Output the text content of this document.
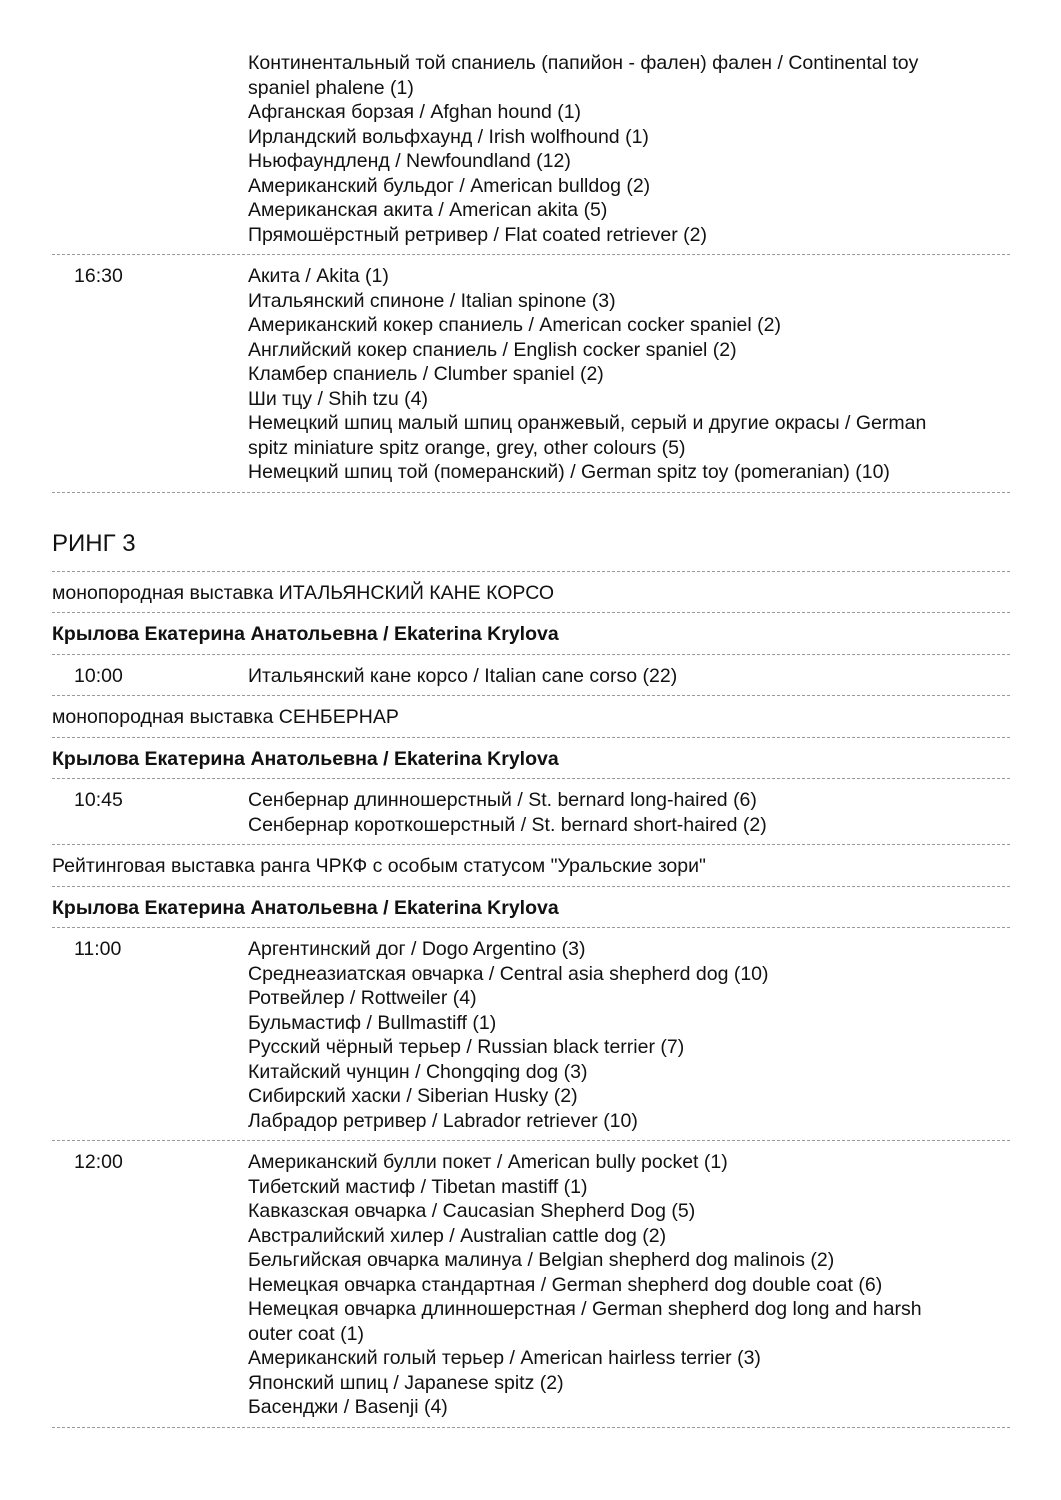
Континентальный той спаниель (папийон - фален) фален / Continental toy
spaniel phalene (1)
Афганская борзая / Afghan hound (1)
Ирландский вольфхаунд / Irish wolfhound (1)
Ньюфаундленд / Newfoundland (12)
Американский бульдог / American bulldog (2)
Американская акита / American akita (5)
Прямошёрстный ретривер / Flat coated retriever (2)
16:30	Акита / Akita (1)
Итальянский спиноне / Italian spinone (3)
Американский кокер спаниель / American cocker spaniel (2)
Английский кокер спаниель / English cocker spaniel (2)
Кламбер спаниель / Clumber spaniel (2)
Ши тцу / Shih tzu (4)
Немецкий шпиц малый шпиц оранжевый, серый и другие окрасы / German
spitz miniature spitz orange, grey, other colours (5)
Немецкий шпиц той (померанский) / German spitz toy (pomeranian) (10)
РИНГ 3
монопородная выставка ИТАЛЬЯНСКИЙ КАНЕ КОРСО
Крылова Екатерина Анатольевна / Ekaterina Krylova
10:00	Итальянский кане корсо / Italian cane corso (22)
монопородная выставка СЕНБЕРНАР
Крылова Екатерина Анатольевна / Ekaterina Krylova
10:45	Сенбернар длинношерстный / St. bernard long-haired (6)
Сенбернар короткошерстный / St. bernard short-haired (2)
Рейтинговая выставка ранга ЧРКФ с особым статусом "Уральские зори"
Крылова Екатерина Анатольевна / Ekaterina Krylova
11:00	Аргентинский дог / Dogo Argentino (3)
Среднеазиатская овчарка / Central asia shepherd dog (10)
Ротвейлер / Rottweiler (4)
Бульмастиф / Bullmastiff (1)
Русский чёрный терьер / Russian black terrier (7)
Китайский чунцин / Chongqing dog (3)
Сибирский хаски / Siberian Husky (2)
Лабрадор ретривер / Labrador retriever (10)
12:00	Американский булли покет / American bully pocket (1)
Тибетский мастиф / Tibetan mastiff (1)
Кавказская овчарка / Caucasian Shepherd Dog (5)
Австралийский хилер / Australian cattle dog (2)
Бельгийская овчарка малинуа / Belgian shepherd dog malinois (2)
Немецкая овчарка стандартная / German shepherd dog double coat (6)
Немецкая овчарка длинношерстная / German shepherd dog long and harsh
outer coat (1)
Американский голый терьер / American hairless terrier (3)
Японский шпиц / Japanese spitz (2)
Басенджи / Basenji (4)
